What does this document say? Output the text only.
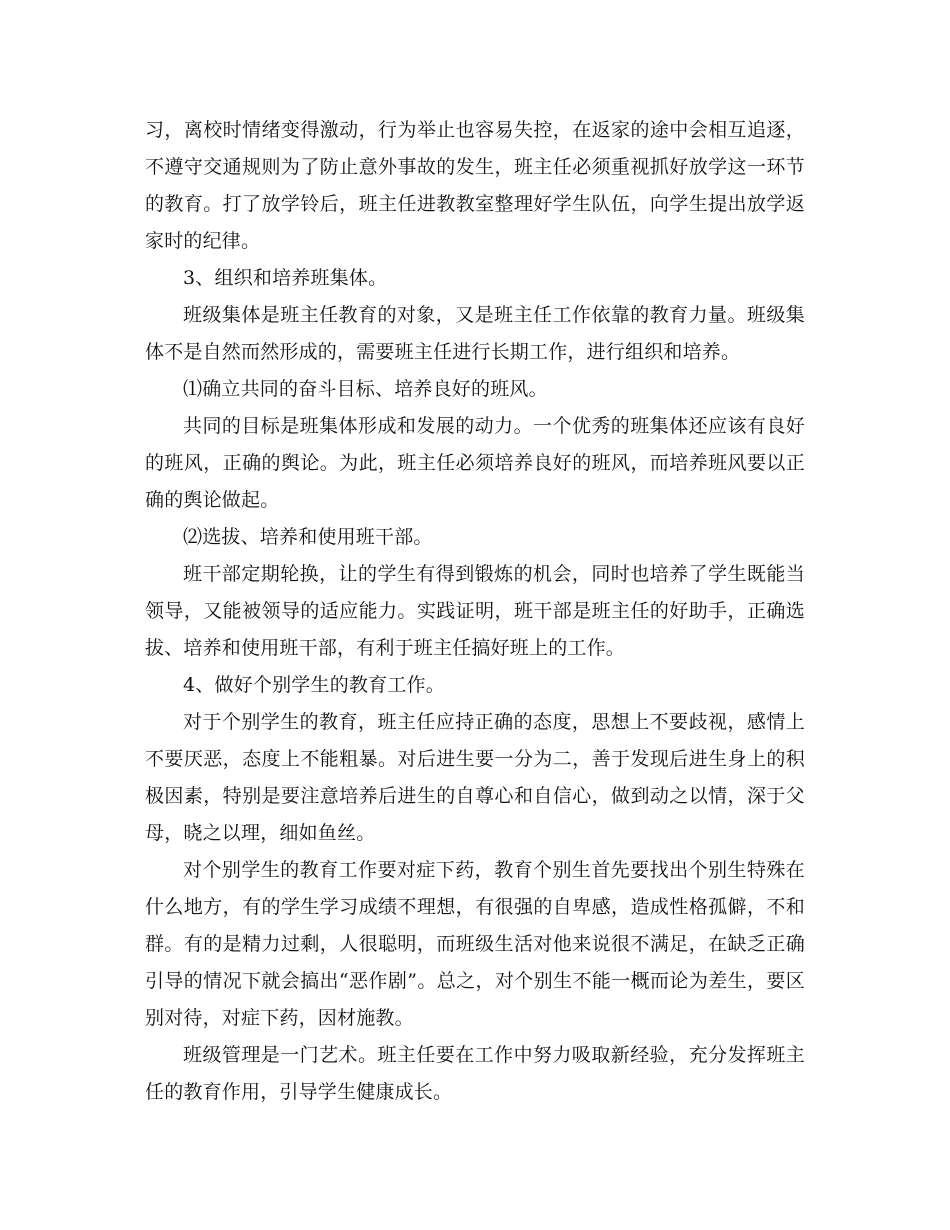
习，离校时情绪变得激动，行为举止也容易失控，在返家的途中会相互追逐，不遵守交通规则为了防止意外事故的发生，班主任必须重视抓好放学这一环节的教育。打了放学铃后，班主任进教教室整理好学生队伍，向学生提出放学返家时的纪律。

3、组织和培养班集体。

班级集体是班主任教育的对象，又是班主任工作依靠的教育力量。班级集体不是自然而然形成的，需要班主任进行长期工作，进行组织和培养。

⑴确立共同的奋斗目标、培养良好的班风。

共同的目标是班集体形成和发展的动力。一个优秀的班集体还应该有良好的班风，正确的舆论。为此，班主任必须培养良好的班风，而培养班风要以正确的舆论做起。

⑵选拔、培养和使用班干部。

班干部定期轮换，让的学生有得到锻炼的机会，同时也培养了学生既能当领导，又能被领导的适应能力。实践证明，班干部是班主任的好助手，正确选拔、培养和使用班干部，有利于班主任搞好班上的工作。

4、做好个别学生的教育工作。

对于个别学生的教育，班主任应持正确的态度，思想上不要歧视，感情上不要厌恶，态度上不能粗暴。对后进生要一分为二，善于发现后进生身上的积极因素，特别是要注意培养后进生的自尊心和自信心，做到动之以情，深于父母，晓之以理，细如鱼丝。

对个别学生的教育工作要对症下药，教育个别生首先要找出个别生特殊在什么地方，有的学生学习成绩不理想，有很强的自卑感，造成性格孤僻，不和群。有的是精力过剩，人很聪明，而班级生活对他来说很不满足，在缺乏正确引导的情况下就会搞出“恶作剧”。总之，对个别生不能一概而论为差生，要区别对待，对症下药，因材施教。

班级管理是一门艺术。班主任要在工作中努力吸取新经验，充分发挥班主任的教育作用，引导学生健康成长。
